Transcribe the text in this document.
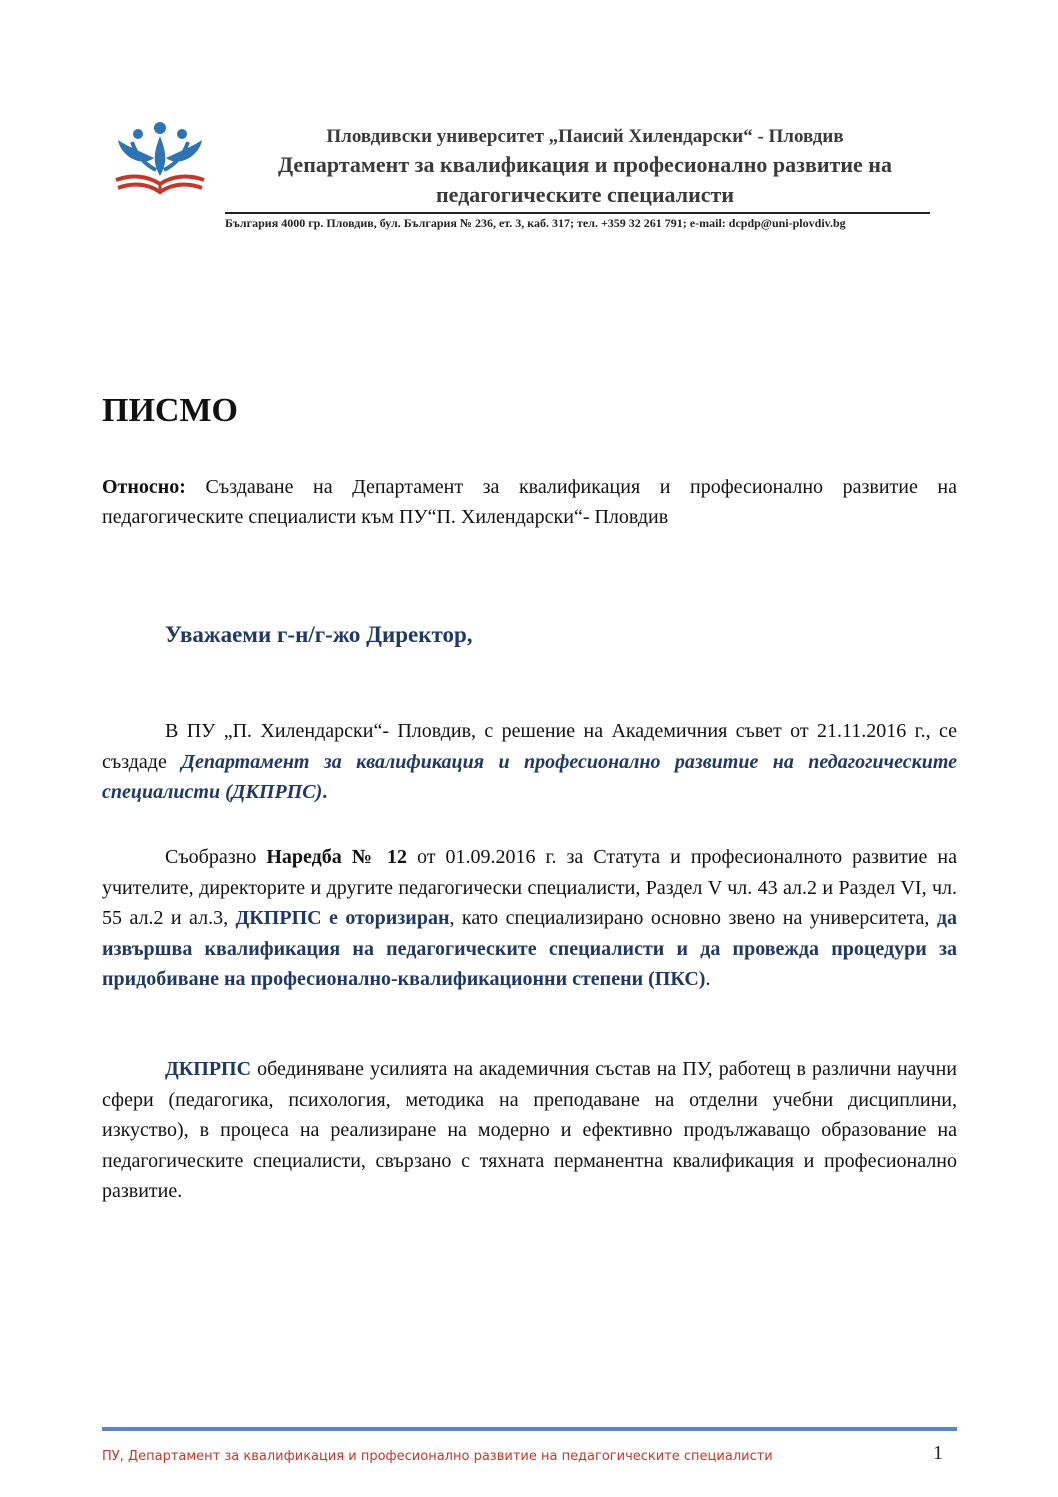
Пловдивски университет „Паисий Хилендарски“ - Пловдив
Департамент за квалификация и професионално развитие на
педагогическите специалисти
България 4000 гр. Пловдив, бул. България № 236, ет. 3, каб. 317; тел. +359 32 261 791; e-mail: dcpdp@uni-plovdiv.bg
ПИСМО

Относно: Създаване на Департамент за квалификация и професионално развитие на педагогическите специалисти към ПУ“П. Хилендарски“- Пловдив

Уважаеми г-н/г-жо Директор,

В ПУ „П. Хилендарски“- Пловдив, с решение на Академичния съвет от 21.11.2016 г., се създаде Департамент за квалификация и професионално развитие на педагогическите специалисти (ДКПРПС).

Съобразно Наредба № 12 от 01.09.2016 г. за Статута и професионалното развитие на учителите, директорите и другите педагогически специалисти, Раздел V чл. 43 ал.2 и Раздел VI, чл. 55 ал.2 и ал.3, ДКПРПС е оторизиран, като специализирано основно звено на университета, да извършва квалификация на педагогическите специалисти и да провежда процедури за придобиване на професионално-квалификационни степени (ПКС).

ДКПРПС обединяване усилията на академичния състав на ПУ, работещ в различни научни сфери (педагогика, психология, методика на преподаване на отделни учебни дисциплини, изкуство), в процеса на реализиране на модерно и ефективно продължаващо образование на педагогическите специалисти, свързано с тяхната перманентна квалификация и професионално развитие.

ПУ, Департамент за квалификация и професионално развитие на педагогическите специалисти	1
